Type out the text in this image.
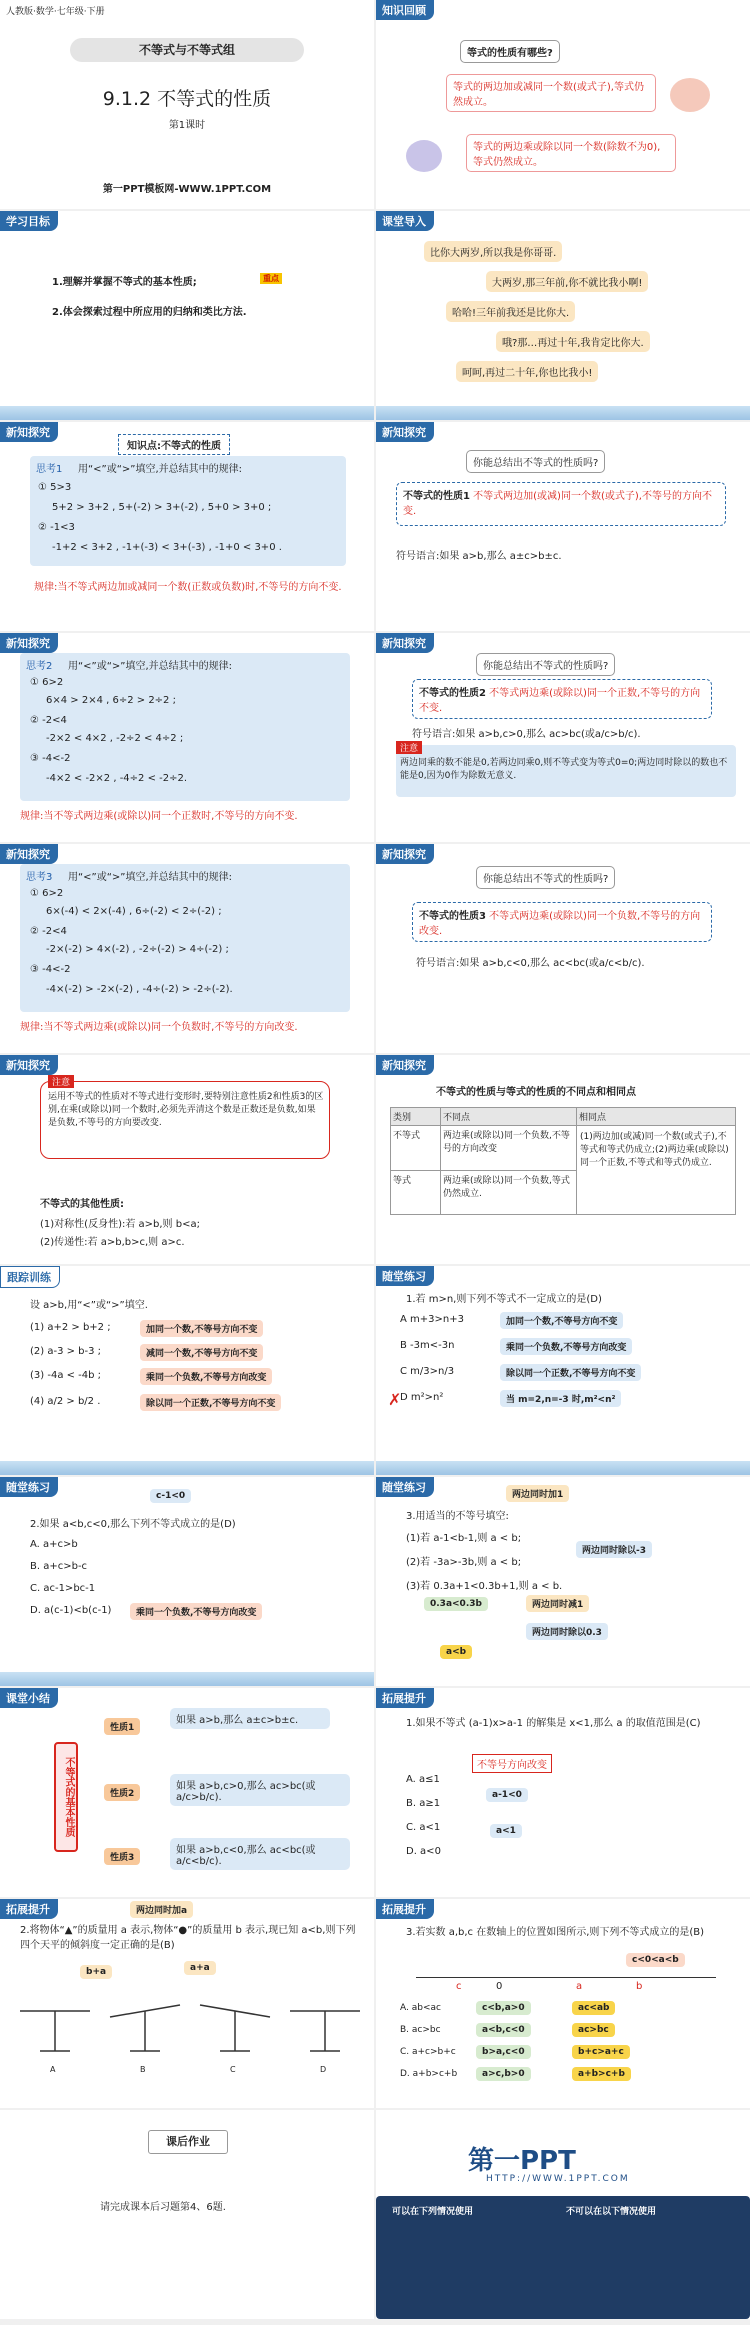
人教版·数学·七年级·下册
不等式与不等式组
9.1.2 不等式的性质
第1课时
第一PPT模板网-WWW.1PPT.COM
知识回顾
等式的性质有哪些?
等式的两边加或减同一个数(或式子),等式仍然成立。
等式的两边乘或除以同一个数(除数不为0),等式仍然成立。
学习目标
1.理解并掌握不等式的基本性质;	重点
2.体会探索过程中所应用的归纳和类比方法.
课堂导入
比你大两岁,所以我是你哥哥.
大两岁,那三年前,你不就比我小啊!
哈哈!三年前我还是比你大.
哦?那…再过十年,我肯定比你大.
呵呵,再过二十年,你也比我小!
新知探究
知识点:不等式的性质
思考1 用“<”或“>”填空,并总结其中的规律:
① 5>3
5+2 > 3+2 , 5+(-2) > 3+(-2) , 5+0 > 3+0 ;
② -1<3
-1+2 < 3+2 , -1+(-3) < 3+(-3) , -1+0 < 3+0 .
规律:当不等式两边加或减同一个数(正数或负数)时,不等号的方向不变.
新知探究
你能总结出不等式的性质吗?
不等式的性质1 不等式两边加(或减)同一个数(或式子),不等号的方向不变.
符号语言:如果 a>b,那么 a±c>b±c.
新知探究
思考2 用“<”或“>”填空,并总结其中的规律:
① 6>2
6×4 > 2×4 , 6÷2 > 2÷2 ;
② -2<4
-2×2 < 4×2 , -2÷2 < 4÷2 ;
③ -4<-2
-4×2 < -2×2 , -4÷2 < -2÷2.
规律:当不等式两边乘(或除以)同一个正数时,不等号的方向不变.
新知探究
你能总结出不等式的性质吗?
不等式的性质2 不等式两边乘(或除以)同一个正数,不等号的方向不变.
符号语言:如果 a>b,c>0,那么 ac>bc(或a/c>b/c).
注意
两边同乘的数不能是0,若两边同乘0,则不等式变为等式0=0;两边同时除以的数也不能是0,因为0作为除数无意义.
新知探究
思考3 用“<”或“>”填空,并总结其中的规律:
① 6>2
6×(-4) < 2×(-4) , 6÷(-2) < 2÷(-2) ;
② -2<4
-2×(-2) > 4×(-2) , -2÷(-2) > 4÷(-2) ;
③ -4<-2
-4×(-2) > -2×(-2) , -4÷(-2) > -2÷(-2).
规律:当不等式两边乘(或除以)同一个负数时,不等号的方向改变.
新知探究
你能总结出不等式的性质吗?
不等式的性质3 不等式两边乘(或除以)同一个负数,不等号的方向改变.
符号语言:如果 a>b,c<0,那么 ac<bc(或a/c<b/c).
新知探究
注意
运用不等式的性质对不等式进行变形时,要特别注意性质2和性质3的区别,在乘(或除以)同一个数时,必须先弄清这个数是正数还是负数,如果是负数,不等号的方向要改变.
不等式的其他性质:
(1)对称性(反身性):若 a>b,则 b<a;
(2)传递性:若 a>b,b>c,则 a>c.
新知探究
不等式的性质与等式的性质的不同点和相同点
类别	不同点	相同点
不等式	两边乘(或除以)同一个负数,不等号的方向改变
等式	两边乘(或除以)同一个负数,等式仍然成立.
(1)两边加(或减)同一个数(或式子),不等式和等式仍成立;(2)两边乘(或除以)同一个正数,不等式和等式仍成立.
跟踪训练
设 a>b,用“<”或“>”填空.
(1) a+2 > b+2 ;	加同一个数,不等号方向不变
(2) a-3 > b-3 ;	减同一个数,不等号方向不变
(3) -4a < -4b ;	乘同一个负数,不等号方向改变
(4) a/2 > b/2 .	除以同一个正数,不等号方向不变
随堂练习
1.若 m>n,则下列不等式不一定成立的是(D)
A m+3>n+3	加同一个数,不等号方向不变
B -3m<-3n	乘同一个负数,不等号方向改变
C m/3>n/3	除以同一个正数,不等号方向不变
D m²>n²	当 m=2,n=-3 时,m²<n²
✗
随堂练习
c-1<0
2.如果 a<b,c<0,那么下列不等式成立的是(D)
A. a+c>b
B. a+c>b-c
C. ac-1>bc-1
D. a(c-1)<b(c-1)	乘同一个负数,不等号方向改变
随堂练习
两边同时加1
3.用适当的不等号填空:
(1)若 a-1<b-1,则 a < b;
(2)若 -3a>-3b,则 a < b;
两边同时除以-3
(3)若 0.3a+1<0.3b+1,则 a < b.
0.3a<0.3b	两边同时减1
两边同时除以0.3
a<b
课堂小结
不等式的基本性质
性质1
如果 a>b,那么 a±c>b±c.
性质2
如果 a>b,c>0,那么 ac>bc(或a/c>b/c).
性质3
如果 a>b,c<0,那么 ac<bc(或a/c<b/c).
拓展提升
1.如果不等式 (a-1)x>a-1 的解集是 x<1,那么 a 的取值范围是(C)
不等号方向改变
A. a≤1
a-1<0
B. a≥1
C. a<1	a<1
D. a<0
拓展提升	两边同时加a
2.将物体“▲”的质量用 a 表示,物体“●”的质量用 b 表示,现已知 a<b,则下列四个天平的倾斜度一定正确的是(B)
b+a	a+a
A	B	C	D
拓展提升
3.若实数 a,b,c 在数轴上的位置如图所示,则下列不等式成立的是(B)
c<0<a<b
c	0	a	b
A. ab<ac	c<b,a>0	ac<ab
B. ac>bc	a<b,c<0	ac>bc
C. a+c>b+c	b>a,c<0	b+c>a+c
D. a+b>c+b	a>c,b>0	a+b>c+b
课后作业
请完成课本后习题第4、6题.
第一PPT
HTTP://WWW.1PPT.COM
可以在下列情况使用	不可以在以下情况使用
